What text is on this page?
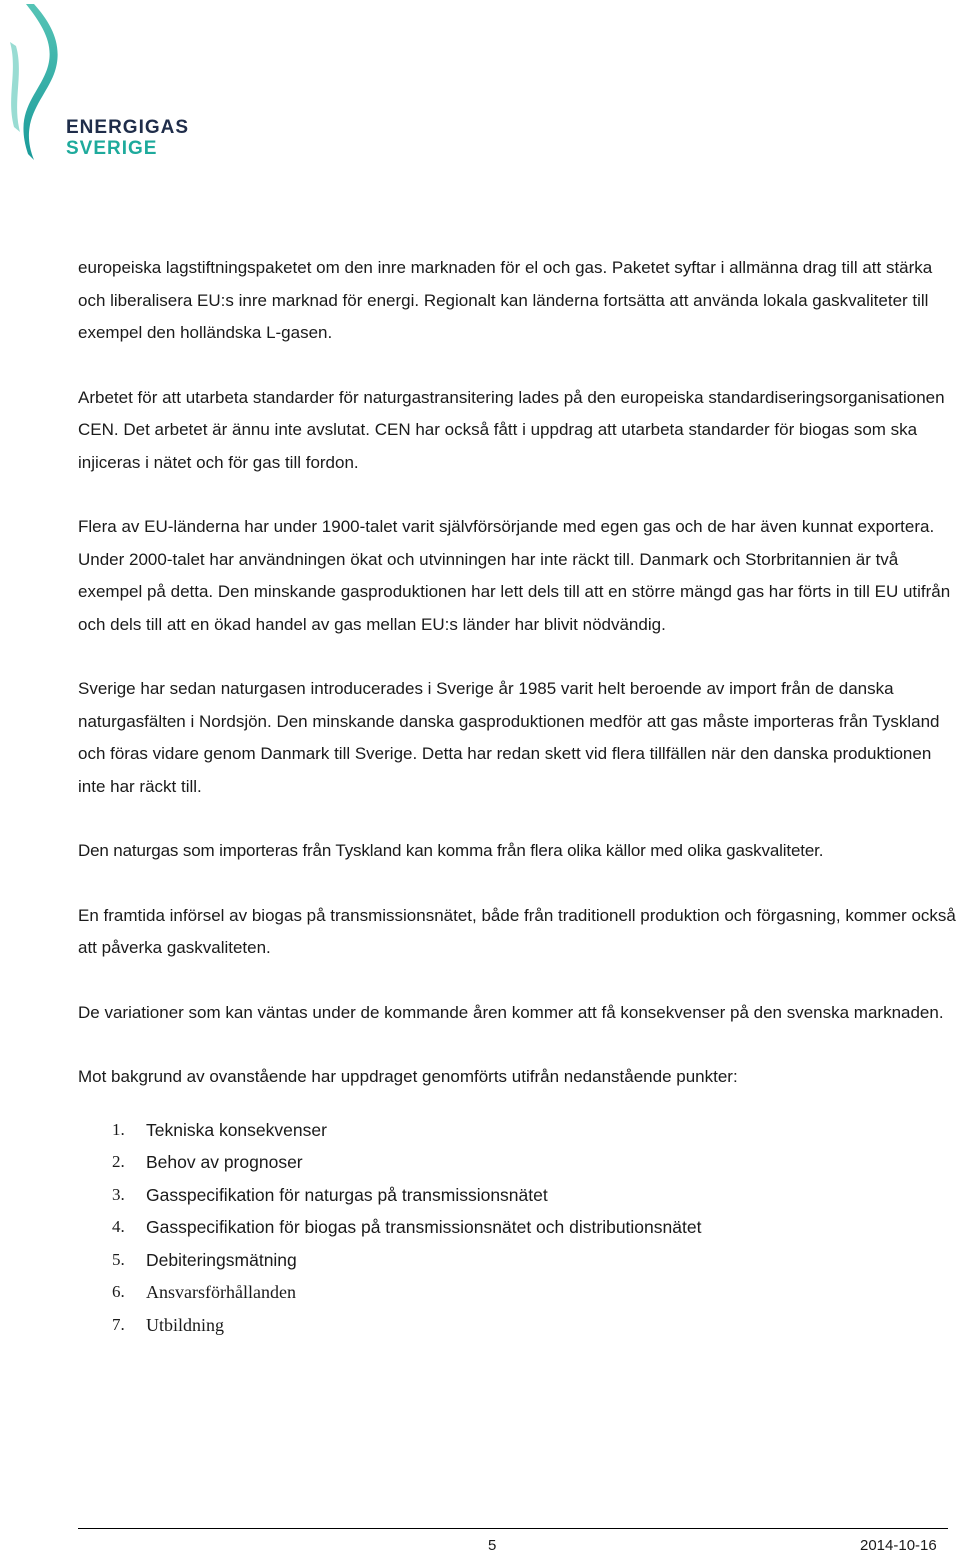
ENERGIGAS
SVERIGE

europeiska lagstiftningspaketet om den inre marknaden för el och gas. Paketet syftar i allmänna drag till att stärka och liberalisera EU:s inre marknad för energi. Regionalt kan länderna fortsätta att använda lokala gaskvaliteter till exempel den holländska L-gasen.

Arbetet för att utarbeta standarder för naturgastransitering lades på den europeiska standardiseringsorganisationen CEN. Det arbetet är ännu inte avslutat. CEN har också fått i uppdrag att utarbeta standarder för biogas som ska injiceras i nätet och för gas till fordon.

Flera av EU-länderna har under 1900-talet varit självförsörjande med egen gas och de har även kunnat exportera. Under 2000-talet har användningen ökat och utvinningen har inte räckt till. Danmark och Storbritannien är två exempel på detta. Den minskande gasproduktionen har lett dels till att en större mängd gas har förts in till EU utifrån och dels till att en ökad handel av gas mellan EU:s länder har blivit nödvändig.

Sverige har sedan naturgasen introducerades i Sverige år 1985 varit helt beroende av import från de danska naturgasfälten i Nordsjön. Den minskande danska gasproduktionen medför att gas måste importeras från Tyskland och föras vidare genom Danmark till Sverige. Detta har redan skett vid flera tillfällen när den danska produktionen inte har räckt till.

Den naturgas som importeras från Tyskland kan komma från flera olika källor med olika gaskvaliteter.

En framtida införsel av biogas på transmissionsnätet, både från traditionell produktion och förgasning, kommer också att påverka gaskvaliteten.

De variationer som kan väntas under de kommande åren kommer att få konsekvenser på den svenska marknaden.

Mot bakgrund av ovanstående har uppdraget genomförts utifrån nedanstående punkter:

1.	Tekniska konsekvenser
2.	Behov av prognoser
3.	Gasspecifikation för naturgas på transmissionsnätet
4.	Gasspecifikation för biogas på transmissionsnätet och distributionsnätet
5.	Debiteringsmätning
6.	Ansvarsförhållanden
7.	Utbildning
5	2014-10-16
